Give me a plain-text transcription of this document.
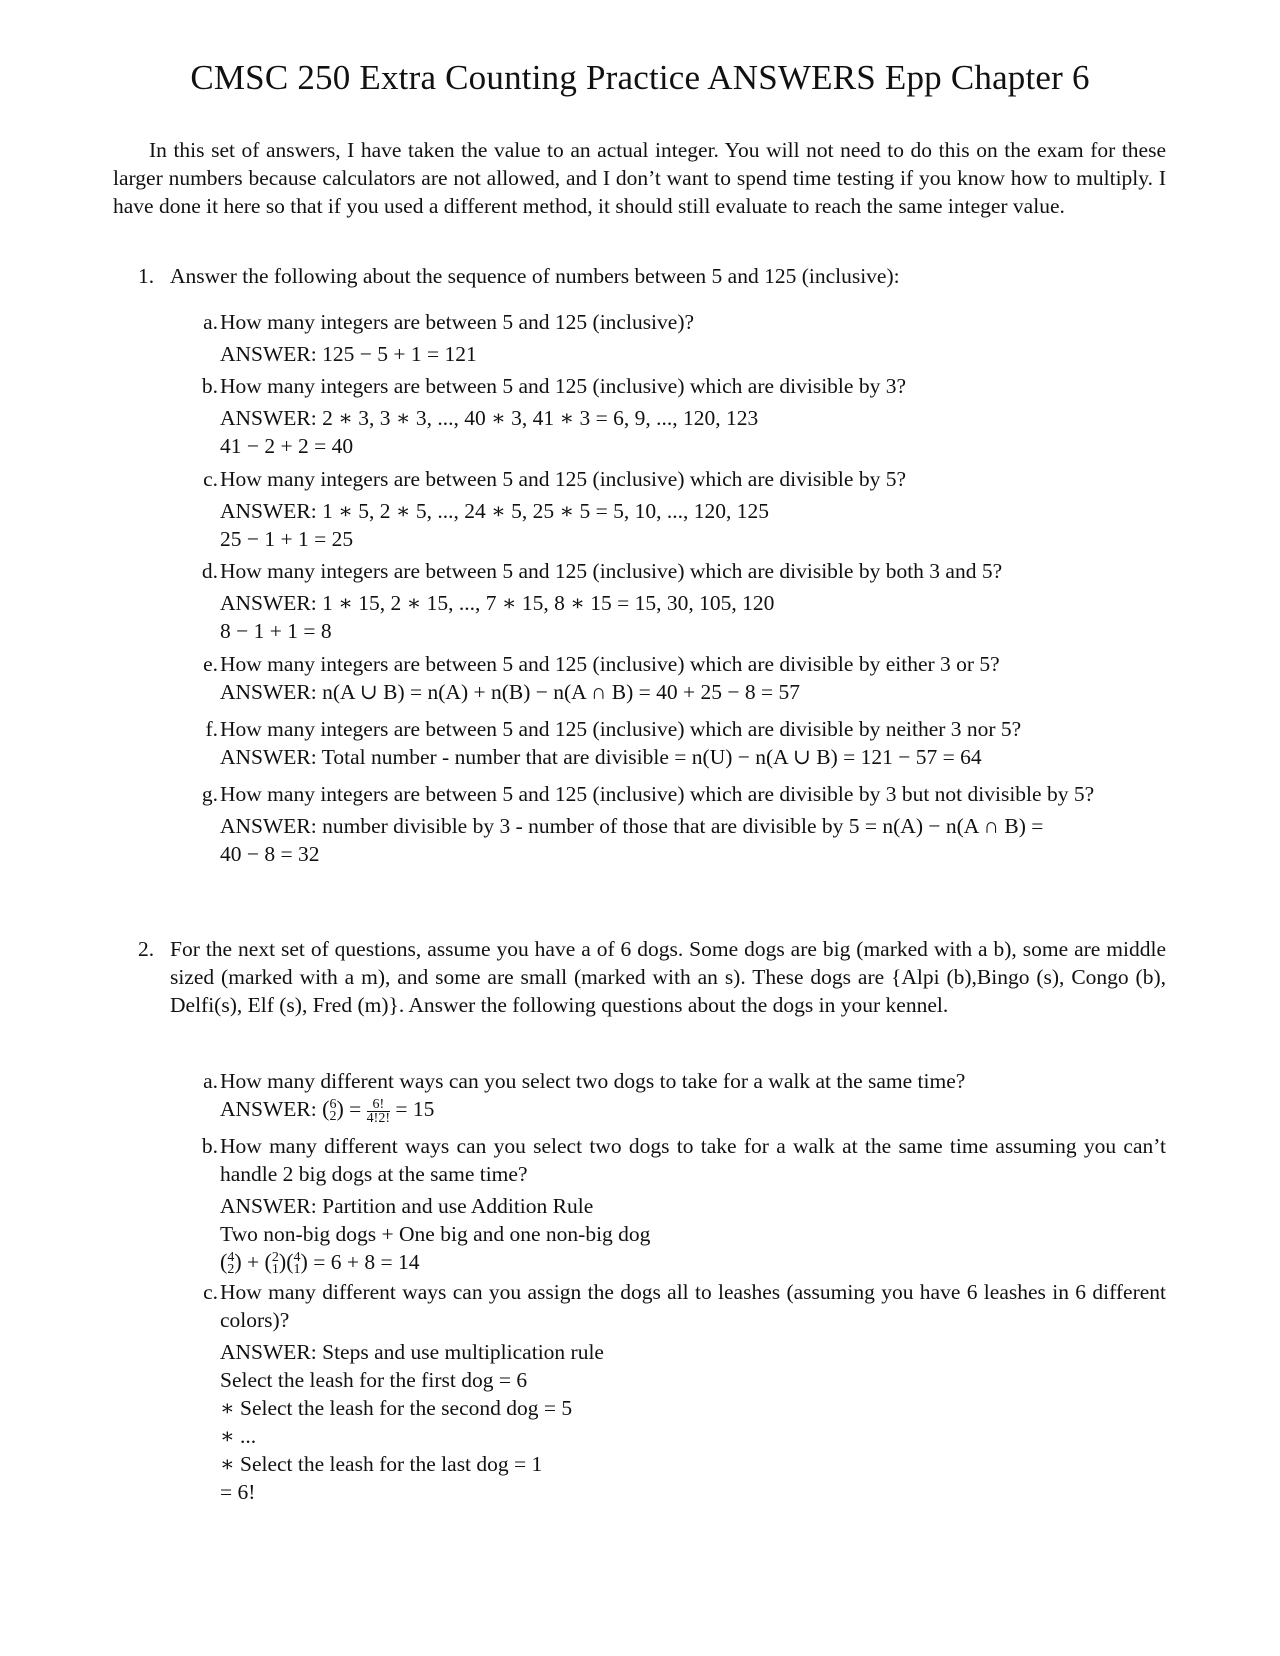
CMSC 250 Extra Counting Practice ANSWERS Epp Chapter 6
In this set of answers, I have taken the value to an actual integer. You will not need to do this on the exam for these larger numbers because calculators are not allowed, and I don’t want to spend time testing if you know how to multiply. I have done it here so that if you used a different method, it should still evaluate to reach the same integer value.
1. Answer the following about the sequence of numbers between 5 and 125 (inclusive):
a. How many integers are between 5 and 125 (inclusive)?
ANSWER: 125 − 5 + 1 = 121
b. How many integers are between 5 and 125 (inclusive) which are divisible by 3?
ANSWER: 2 ∗ 3, 3 ∗ 3, ..., 40 ∗ 3, 41 ∗ 3 = 6, 9, ..., 120, 123
41 − 2 + 2 = 40
c. How many integers are between 5 and 125 (inclusive) which are divisible by 5?
ANSWER: 1 ∗ 5, 2 ∗ 5, ..., 24 ∗ 5, 25 ∗ 5 = 5, 10, ..., 120, 125
25 − 1 + 1 = 25
d. How many integers are between 5 and 125 (inclusive) which are divisible by both 3 and 5?
ANSWER: 1 ∗ 15, 2 ∗ 15, ..., 7 ∗ 15, 8 ∗ 15 = 15, 30, 105, 120
8 − 1 + 1 = 8
e. How many integers are between 5 and 125 (inclusive) which are divisible by either 3 or 5?
ANSWER: n(A ∪ B) = n(A) + n(B) − n(A ∩ B) = 40 + 25 − 8 = 57
f. How many integers are between 5 and 125 (inclusive) which are divisible by neither 3 nor 5?
ANSWER: Total number - number that are divisible = n(U) − n(A ∪ B) = 121 − 57 = 64
g. How many integers are between 5 and 125 (inclusive) which are divisible by 3 but not divisible by 5?
ANSWER: number divisible by 3 - number of those that are divisible by 5 = n(A) − n(A ∩ B) =
40 − 8 = 32
2. For the next set of questions, assume you have a of 6 dogs. Some dogs are big (marked with a b), some are middle sized (marked with a m), and some are small (marked with an s). These dogs are {Alpi (b),Bingo (s), Congo (b), Delfi(s), Elf (s), Fred (m)}. Answer the following questions about the dogs in your kennel.
a. How many different ways can you select two dogs to take for a walk at the same time?
ANSWER: ( 6
2 ) = $\frac{6!}{4!2!} = 15$
b. How many different ways can you select two dogs to take for a walk at the same time assuming you can’t handle 2 big dogs at the same time?
ANSWER: Partition and use Addition Rule
Two non-big dogs + One big and one non-big dog
( 4
2 ) + ( 2
1 )( 4
1 ) = 6 + 8 = 14
c. How many different ways can you assign the dogs all to leashes (assuming you have 6 leashes in 6 different colors)?
ANSWER: Steps and use multiplication rule
Select the leash for the first dog = 6
∗ Select the leash for the second dog = 5
∗ ...
∗ Select the leash for the last dog = 1
= 6!
